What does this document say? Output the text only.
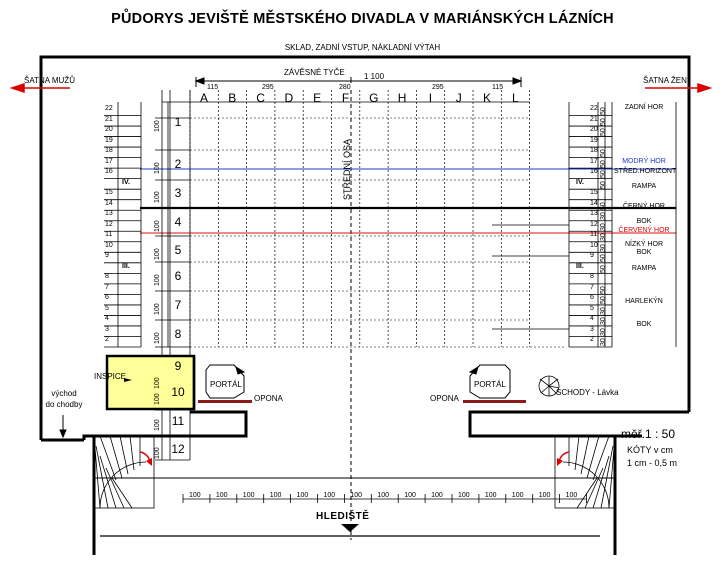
PŮDORYS JEVIŠTĚ MĚSTSKÉHO DIVADLA V MARIÁNSKÝCH LÁZNÍCH
SKLAD, ZADNÍ VSTUP, NÁKLADNÍ VÝTAH
ŠATNA MUŽŮ	ŠATNA ŽEN
ZÁVĚSNÉ TYČE 1 100
115	295	280	295	115
A	B	C	D	E	F	G	H	I	J	K	L
1
2
3
4
5
6
7
8
9
10
11
12
22
21
20
19
18
17
16
IV.
15
14
13
12
11
10
9
III.
8
7
6
5
4
3
2
22
21
20
19
18
17
16
IV.
15
14
13
12
11
10
9
III.
8
7
6
5
4
3
2
50
50
50
50
50
50
50
50
30
30
30
30
50
50
50
50
30
30
30
30
ZADNÍ HOR
MODRÝ HOR
STŘED.HORIZONT
RAMPA
ČERNÝ HOR
BOK
ČERVENÝ HOR
NÍZKÝ HOR
BOK
RAMPA
HARLEKÝN
BOK
100
100
100
100
100
100
100
100
100
100
100
100
STŘEDNÍ OSA
INSPICE
PORTÁL	PORTÁL
OPONA	OPONA
SCHODY - Lávka
východ
do chodby
měř.1 : 50
KÓTY v cm
1 cm - 0,5 m
100 100 100 100 100 100 100 100 100 100 100 100 100 100 100
HLEDIŠTĚ
